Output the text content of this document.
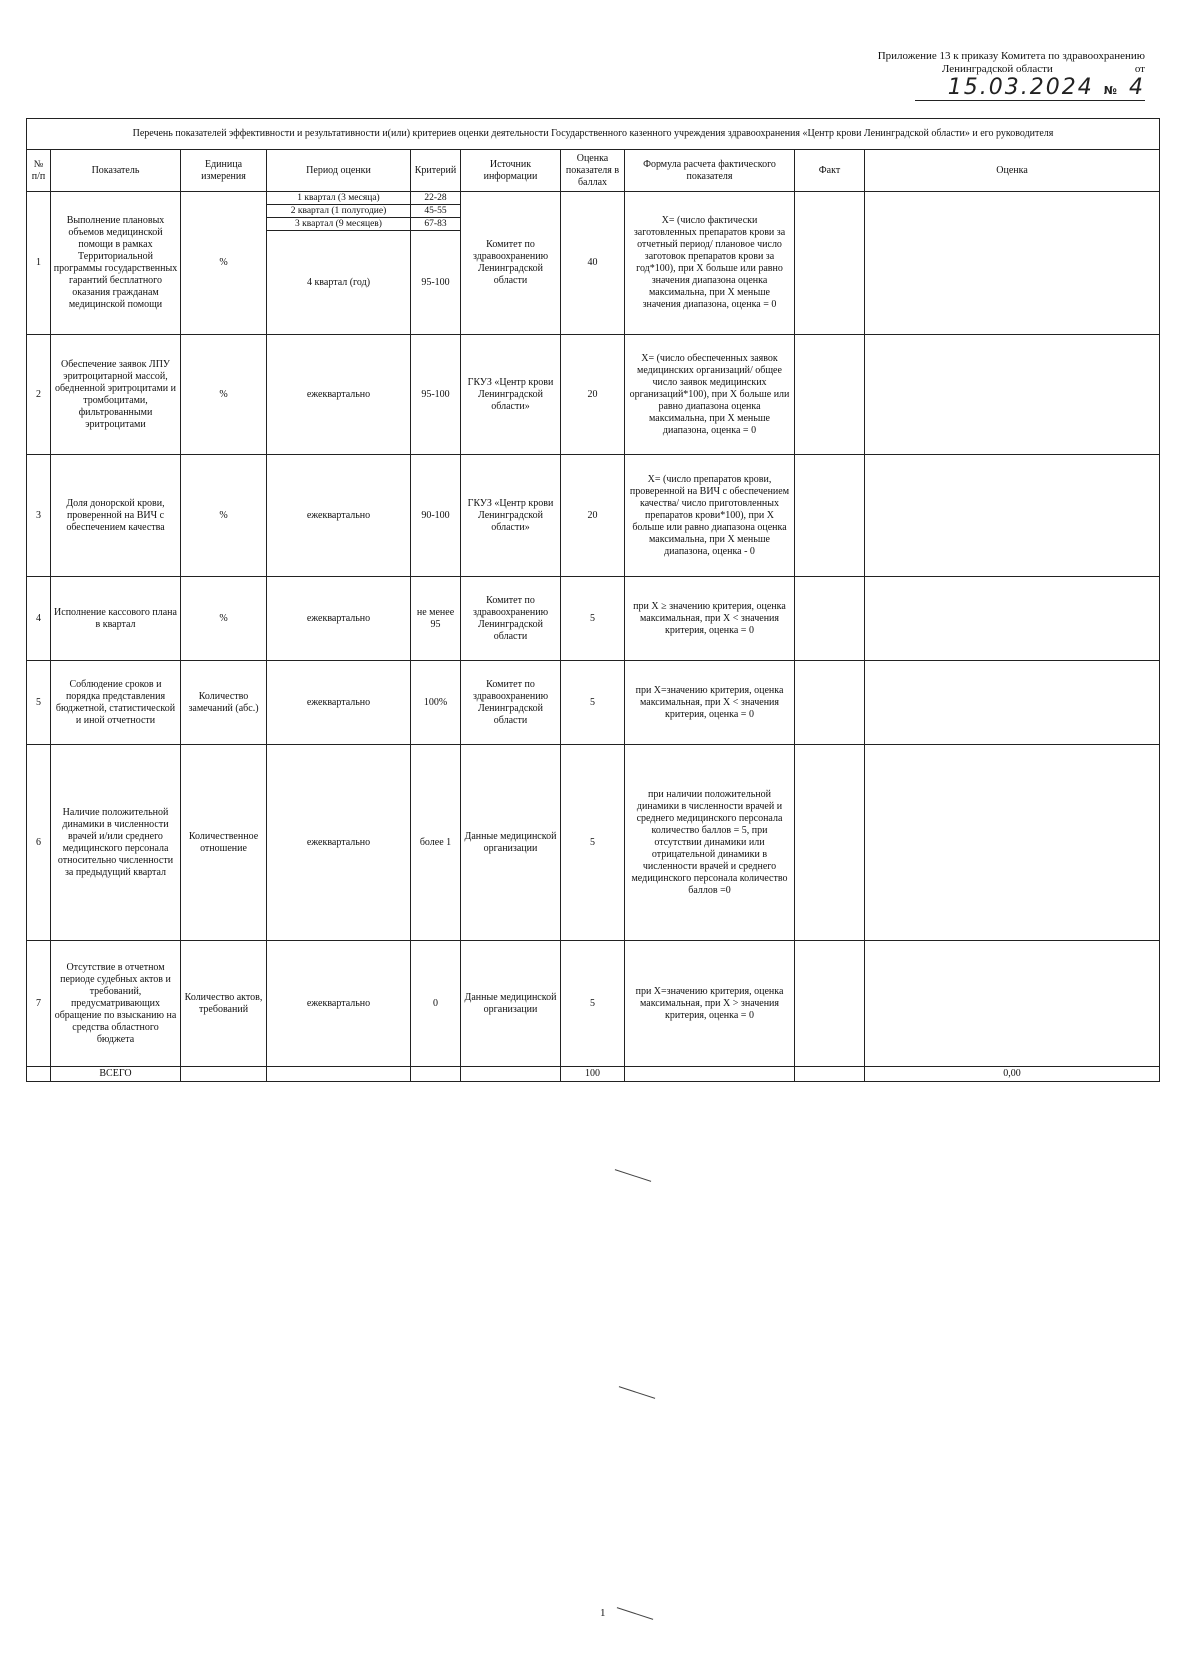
Приложение 13 к приказу Комитета по здравоохранению
Ленинградской области	от
15.03.2024 № 4
Перечень показателей эффективности и результативности и(или) критериев оценки деятельности Государственного казенного учреждения здравоохранения «Центр крови Ленинградской области» и его руководителя									
№ п/п	Показатель	Единица измерения	Период оценки	Критерий	Источник информации	Оценка показателя в баллах	Формула расчета фактического показателя	Факт	Оценка
1	Выполнение плановых объемов медицинской помощи в рамках Территориальной программы государственных гарантий бесплатного оказания гражданам медицинской помощи	%	1 квартал (3 месяца)	22-28	Комитет по здравоохранению Ленинградской области	40	Х= (число фактически заготовленных препаратов крови за отчетный период/ плановое число заготовок препаратов крови за год*100), при Х больше или равно значения диапазона оценка максимальна, при Х меньше значения диапазона, оценка = 0		
			2 квартал (1 полугодие)	45-55					
			3 квартал (9 месяцев)	67-83					
			4 квартал (год)	95-100					
2	Обеспечение заявок ЛПУ эритроцитарной массой, обедненной эритроцитами и тромбоцитами, фильтрованными эритроцитами	%	ежеквартально	95-100	ГКУЗ «Центр крови Ленинградской области»	20	Х= (число обеспеченных заявок медицинских организаций/ общее число заявок медицинских организаций*100), при Х больше или равно диапазона оценка максимальна, при Х меньше диапазона, оценка = 0		
3	Доля донорской крови, проверенной на ВИЧ с обеспечением качества	%	ежеквартально	90-100	ГКУЗ «Центр крови Ленинградской области»	20	Х= (число препаратов крови, проверенной на ВИЧ с обеспечением качества/ число приготовленных препаратов крови*100), при Х больше или равно диапазона оценка максимальна, при Х меньше диапазона, оценка - 0		
4	Исполнение кассового плана в квартал	%	ежеквартально	не менее 95	Комитет по здравоохранению Ленинградской области	5	при Х ≥ значению критерия, оценка максимальная, при Х < значения критерия, оценка = 0		
5	Соблюдение сроков и порядка представления бюджетной, статистической и иной отчетности	Количество замечаний (абс.)	ежеквартально	100%	Комитет по здравоохранению Ленинградской области	5	при Х=значению критерия, оценка максимальная, при Х < значения критерия, оценка = 0		
6	Наличие положительной динамики в численности врачей и/или среднего медицинского персонала относительно численности за предыдущий квартал	Количественное отношение	ежеквартально	более 1	Данные медицинской организации	5	при наличии положительной динамики в численности врачей и среднего медицинского персонала количество баллов = 5, при отсутствии динамики или отрицательной динамики в численности врачей и среднего медицинского персонала количество баллов =0		
7	Отсутствие в отчетном периоде судебных актов и требований, предусматривающих обращение по взысканию на средства областного бюджета	Количество актов, требований	ежеквартально	0	Данные медицинской организации	5	при Х=значению критерия, оценка максимальная, при Х > значения критерия, оценка = 0		
	ВСЕГО					100			0,00
1
